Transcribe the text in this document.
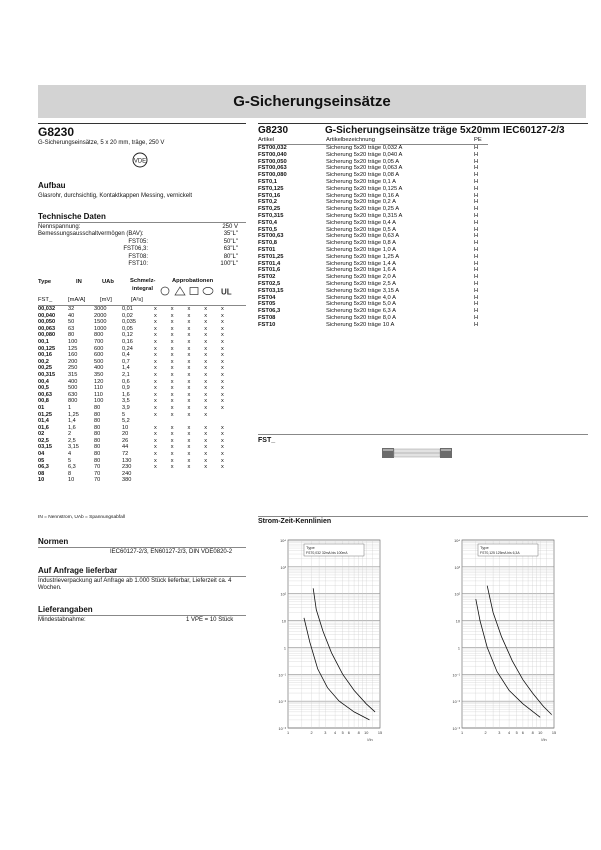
G-Sicherungseinsätze
G8230
G-Sicherungseinsätze, 5 x 20 mm, träge, 250 V
VDE
Aufbau
Glasrohr, durchsichtig, Kontaktkappen Messing, vernickelt
Technische Daten
Nennspannung:	250 V
Bemessungsausschaltvermögen (BAV):	35"L"
FST05:	50"L"
FST06,3:	63"L"
FST08:	80"L"
FST10:	100"L"
Type	IN	UAb	Schmelz-
integral
Approbationen
UL
FST_	[mA/A]	[mV]	[A²s]
00,032	32	3000	0,01	x x x x x
00,040	40	2000	0,02	x x x x x
00,050	50	1500	0,035	x x x x x
00,063	63	1000	0,05	x x x x x
00,080	80	800	0,12	x x x x x
00,1	100	700	0,16	x x x x x
00,125	125	600	0,24	x x x x x
00,16	160	600	0,4	x x x x x
00,2	200	500	0,7	x x x x x
00,25	250	400	1,4	x x x x x
00,315	315	350	2,1	x x x x x
00,4	400	120	0,6	x x x x x
00,5	500	110	0,9	x x x x x
00,63	630	110	1,6	x x x x x
00,8	800	100	3,5	x x x x x
01	1	80	3,9	x x x x x
01,25	1,25	80	5	x x x x
01,4	1,4	80	5,2	
01,6	1,6	80	10	x x x x x
02	2	80	20	x x x x x
02,5	2,5	80	26	x x x x x
03,15	3,15	80	44	x x x x x
04	4	80	72	x x x x x
05	5	80	130	x x x x x
06,3	6,3	70	230	x x x x x
08	8	70	240	
10	10	70	380	
IN = Nennstrom, UAb = Spannungsabfall
Normen
IEC60127-2/3, EN60127-2/3, DIN VDE0820-2
Auf Anfrage lieferbar
Industrieverpackung auf Anfrage ab 1.000 Stück lieferbar, Lieferzeit ca. 4 Wochen.
Lieferangaben
Mindestabnahme:	1 VPE = 10 Stück
G8230	G-Sicherungseinsätze träge 5x20mm IEC60127-2/3
Artikel	Artikelbezeichnung	PE
FST00,032	Sicherung 5x20 träge 0,032 A	H
FST00,040	Sicherung 5x20 träge 0,040 A	H
FST00,050	Sicherung 5x20 träge 0,05 A	H
FST00,063	Sicherung 5x20 träge 0,063 A	H
FST00,080	Sicherung 5x20 träge 0,08 A	H
FST0,1	Sicherung 5x20 träge 0,1 A	H
FST0,125	Sicherung 5x20 träge 0,125 A	H
FST0,16	Sicherung 5x20 träge 0,16 A	H
FST0,2	Sicherung 5x20 träge 0,2 A	H
FST0,25	Sicherung 5x20 träge 0,25 A	H
FST0,315	Sicherung 5x20 träge 0,315 A	H
FST0,4	Sicherung 5x20 träge 0,4 A	H
FST0,5	Sicherung 5x20 träge 0,5 A	H
FST00,63	Sicherung 5x20 träge 0,63 A	H
FST0,8	Sicherung 5x20 träge 0,8 A	H
FST01	Sicherung 5x20 träge 1,0 A	H
FST01,25	Sicherung 5x20 träge 1,25 A	H
FST01,4	Sicherung 5x20 träge 1,4 A	H
FST01,6	Sicherung 5x20 träge 1,6 A	H
FST02	Sicherung 5x20 träge 2,0 A	H
FST02,5	Sicherung 5x20 träge 2,5 A	H
FST03,15	Sicherung 5x20 träge 3,15 A	H
FST04	Sicherung 5x20 träge 4,0 A	H
FST05	Sicherung 5x20 träge 5,0 A	H
FST06,3	Sicherung 5x20 träge 6,3 A	H
FST08	Sicherung 5x20 träge 8,0 A	H
FST10	Sicherung 5x20 träge 10 A	H
FST_
Strom-Zeit-Kennlinien
10⁴
10³
10²
10
1
10⁻¹
10⁻²
10⁻³
1	2	3 4 5 6 8 10	15
I/In
Type
FST0,032 32mA bis 100mA
10⁴
10³
10²
10
1
10⁻¹
10⁻²
10⁻³
1	2	3 4 5 6 8 10	15
I/In
Type
FST0,125 125mA bis 6,3A
